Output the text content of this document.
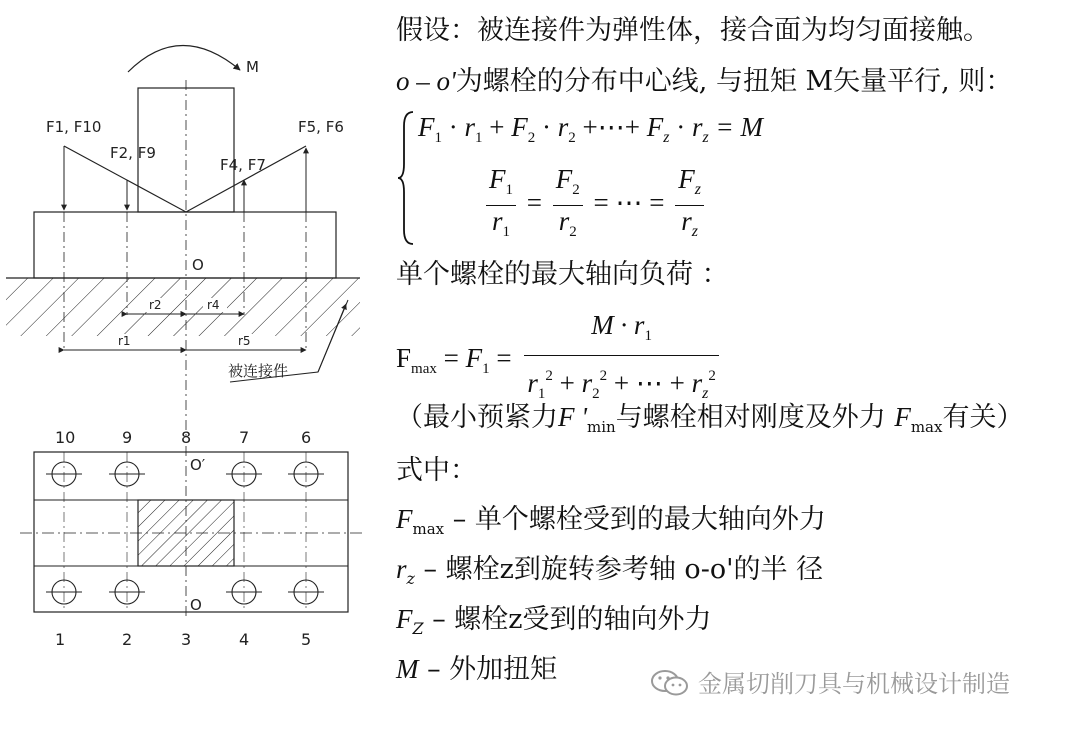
M
F1, F10
F2, F9
F4, F7
F5, F6
O
r2	r4
r1	r5
被连接件
10	9	8	7	6
O′
O
1	2	3	4	5
假设：被连接件为弹性体，接合面为均匀面接触。
o – o'为螺栓的分布中心线, 与扭矩 M矢量平行, 则：
$F_1 \cdot r_1 + F_2 \cdot r_2$ +⋯+ $F_z \cdot r_z = M$
$\frac{F_1}{r_1} = \frac{F_2}{r_2}$ = ⋯ = $\frac{F_z}{r_z}$
单个螺栓的最大轴向负荷 ：
$F_{max} = F_1 = \frac{M \cdot r_1}{r_1^2 + r_2^2 + \cdots + r_z^2}$
（最小预紧力F '$_{min}$与螺栓相对刚度及外力 $F_{max}$有关）
式中：
$F_{max}$ – 单个螺栓受到的最大轴向外力
$r_z$ – 螺栓z到旋转参考轴 o-o'的半 径
$F_Z$ – 螺栓z受到的轴向外力
M – 外加扭矩	金属切削刀具与机械设计制造
